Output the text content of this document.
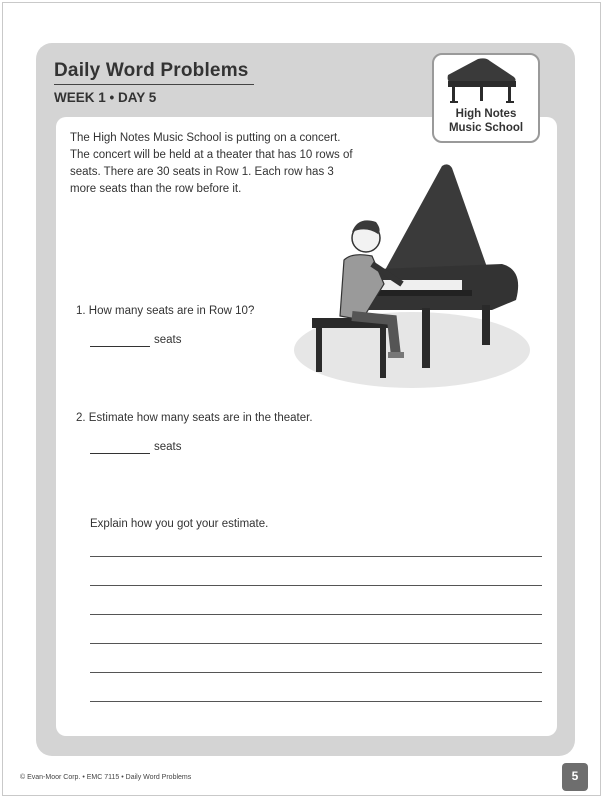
Daily Word Problems
WEEK 1 • DAY 5
High Notes
Music School
The High Notes Music School is putting on a concert. The concert will be held at a theater that has 10 rows of seats. There are 30 seats in Row 1. Each row has 3 more seats than the row before it.
1. How many seats are in Row 10?
seats
2. Estimate how many seats are in the theater.
seats
Explain how you got your estimate.
© Evan-Moor Corp. • EMC 7115 • Daily Word Problems	5
